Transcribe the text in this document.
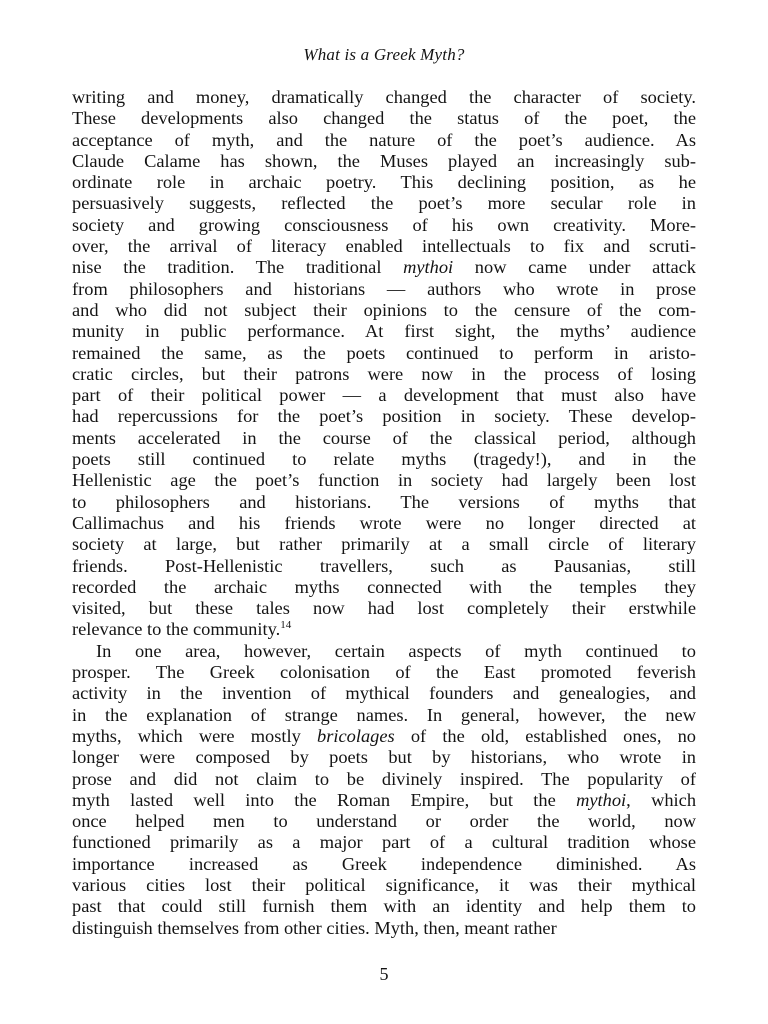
What is a Greek Myth?
writing and money, dramatically changed the character of society.
These developments also changed the status of the poet, the
acceptance of myth, and the nature of the poet’s audience. As
Claude Calame has shown, the Muses played an increasingly sub-
ordinate role in archaic poetry. This declining position, as he
persuasively suggests, reflected the poet’s more secular role in
society and growing consciousness of his own creativity. More-
over, the arrival of literacy enabled intellectuals to fix and scruti-
nise the tradition. The traditional mythoi now came under attack
from philosophers and historians — authors who wrote in prose
and who did not subject their opinions to the censure of the com-
munity in public performance. At first sight, the myths’ audience
remained the same, as the poets continued to perform in aristo-
cratic circles, but their patrons were now in the process of losing
part of their political power — a development that must also have
had repercussions for the poet’s position in society. These develop-
ments accelerated in the course of the classical period, although
poets still continued to relate myths (tragedy!), and in the
Hellenistic age the poet’s function in society had largely been lost
to philosophers and historians. The versions of myths that
Callimachus and his friends wrote were no longer directed at
society at large, but rather primarily at a small circle of literary
friends. Post-Hellenistic travellers, such as Pausanias, still
recorded the archaic myths connected with the temples they
visited, but these tales now had lost completely their erstwhile
relevance to the community.$^{14}$
In one area, however, certain aspects of myth continued to
prosper. The Greek colonisation of the East promoted feverish
activity in the invention of mythical founders and genealogies, and
in the explanation of strange names. In general, however, the new
myths, which were mostly bricolages of the old, established ones, no
longer were composed by poets but by historians, who wrote in
prose and did not claim to be divinely inspired. The popularity of
myth lasted well into the Roman Empire, but the mythoi, which
once helped men to understand or order the world, now
functioned primarily as a major part of a cultural tradition whose
importance increased as Greek independence diminished. As
various cities lost their political significance, it was their mythical
past that could still furnish them with an identity and help them to
distinguish themselves from other cities. Myth, then, meant rather
5
